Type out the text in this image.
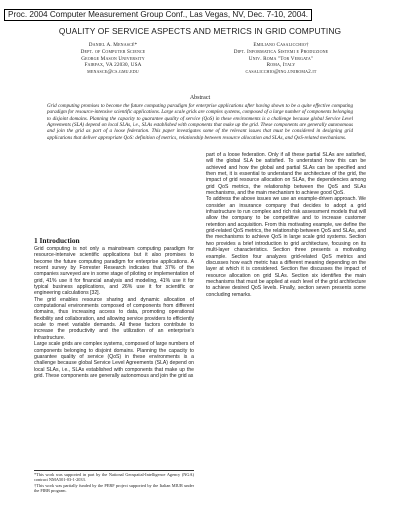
Proc. 2004 Computer Measurement Group Conf., Las Vegas, NV, Dec. 7-10, 2004.
QUALITY OF SERVICE ASPECTS AND METRICS IN GRID COMPUTING
Daniel A. Menascé*
Dept. of Computer Science
George Mason University
Fairfax, VA 22030, USA
menasce@cs.gmu.edu
Emiliano Casalicchio†
Dipt. Informatica Sistemi e Produzione
Univ. Roma "Tor Vergata"
Roma, Italy
casalicchio@ing.uniroma2.it
Abstract
Grid computing promises to become the future computing paradigm for enterprise applications after having shown to be a quite effective computing paradigm for resource-intensive scientific applications. Large scale grids are complex systems, composed of a large number of components belonging to disjoint domains. Planning the capacity to guarantee quality of service (QoS) in these environments is a challenge because global Service Level Agreements (SLA) depend on local SLAs, i.e., SLAs established with components that make up the grid. These components are generally autonomous and join the grid as part of a loose federation. This paper investigates some of the relevant issues that must be considered in designing grid applications that deliver appropriate QoS: definition of metrics, relationship between resource allocation and SLAs, and QoS-related mechanisms.
1 Introduction

Grid computing is not only a mainstream computing paradigm for resource-intensive scientific applications but it also promises to become the future computing paradigm for enterprise applications. A recent survey by Forrester Research indicates that 37% of the companies surveyed are in some stage of piloting or implementation of grid, 41% use it for financial analysis and modeling, 41% use it for typical business applications, and 26% use it for scientific or engineering calculations [32].

The grid enables resource sharing and dynamic allocation of computational environments composed of components from different domains, thus increasing access to data, promoting operational flexibility and collaboration, and allowing service providers to efficiently scale to meet variable demands. All these factors contribute to increase the productivity and the utilization of an enterprise's infrastructure.

Large scale grids are complex systems, composed of large numbers of components belonging to disjoint domains. Planning the capacity to guarantee quality of service (QoS) in these environments is a challenge because global Service Level Agreements (SLA) depend on local SLAs, i.e., SLAs established with components that make up the grid. These components are generally autonomous and join the grid as

*This work was supported in part by the National Geospatial-Intelligence Agency (NGA) contract NMA501-03-1-2033.
†This work was partially funded by the PERF project supported by the Italian MIUR under the FIRB program.

part of a loose federation. Only if all these partial SLAs are satisfied, will the global SLA be satisfied. To understand how this can be achieved and how the global and partial SLAs can be specified and then met, it is essential to understand the architecture of the grid, the impact of grid resource allocation on SLAs, the dependencies among grid QoS metrics, the relationship between the QoS and SLAs mechanisms, and the main mechanism to achieve good QoS.

To address the above issues we use an example-driven approach. We consider an insurance company that decides to adopt a grid infrastructure to run complex and rich risk assessment models that will allow the company to be competitive and to increase customer retention and acquisition. From this motivating example, we define the grid-related QoS metrics, the relationship between QoS and SLAs, and the mechanisms to achieve QoS in large scale grid systems. Section two provides a brief introduction to grid architecture, focusing on its multi-layer characteristics. Section three presents a motivating example. Section four analyzes grid-related QoS metrics and discusses how each metric has a different meaning depending on the layer at which it is considered. Section five discusses the impact of resource allocation on grid SLAs. Section six identifies the main mechanisms that must be applied at each level of the grid architecture to achieve desired QoS levels. Finally, section seven presents some concluding remarks.
